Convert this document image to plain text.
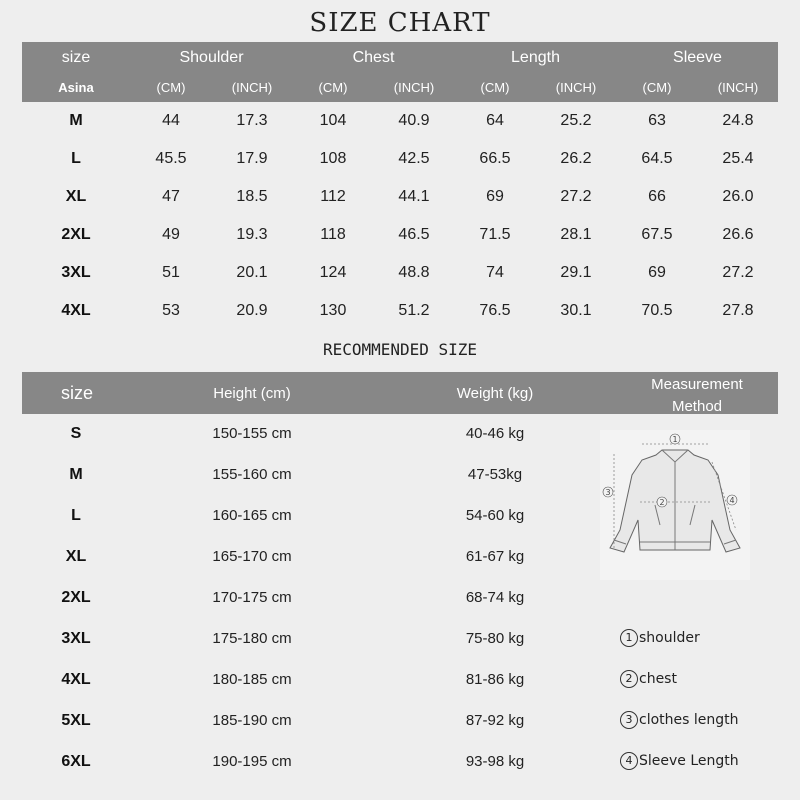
SIZE CHART
size	Shoulder	Chest	Length	Sleeve
Asina	(CM)	(INCH)	(CM)	(INCH)	(CM)	(INCH)	(CM)	(INCH)
M	44	17.3	104	40.9	64	25.2	63	24.8
L	45.5	17.9	108	42.5	66.5	26.2	64.5	25.4
XL	47	18.5	112	44.1	69	27.2	66	26.0
2XL	49	19.3	118	46.5	71.5	28.1	67.5	26.6
3XL	51	20.1	124	48.8	74	29.1	69	27.2
4XL	53	20.9	130	51.2	76.5	30.1	70.5	27.8
RECOMMENDED SIZE
size	Height (cm)	Weight (kg)
Measurement
Method
S	150-155 cm	40-46 kg
M	155-160 cm	47-53kg
L	160-165 cm	54-60 kg
XL	165-170 cm	61-67 kg
2XL	170-175 cm	68-74 kg
3XL	175-180 cm	75-80 kg
4XL	180-185 cm	81-86 kg
5XL	185-190 cm	87-92 kg
6XL	190-195 cm	93-98 kg
1
2
3
4
1 shoulder
2 chest
3 clothes length
4 Sleeve Length
